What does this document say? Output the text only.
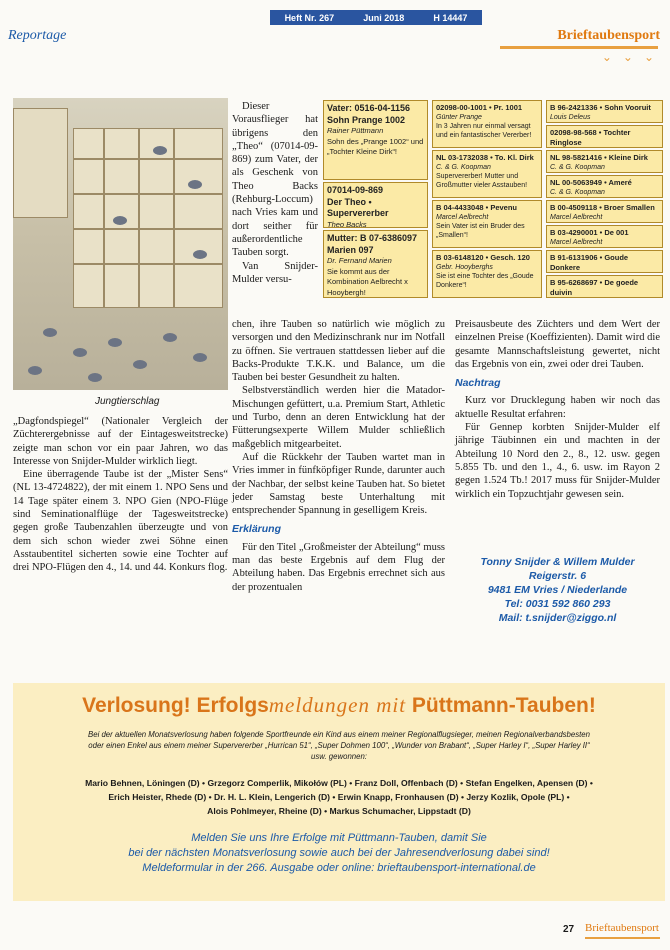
Heft Nr. 267	Juni 2018	H 14447
Reportage	Brieftaubensport
⌄ ⌄ ⌄
Jungtierschlag

„Dagfondspiegel“ (Nationaler Vergleich der Züchterergebnisse auf der Eintagesweitstrecke) zeigte man schon vor ein paar Jahren, wo das Interesse von Snijder-Mulder wirklich liegt.

Eine überragende Taube ist der „Mister Sens“ (NL 13-4724822), der mit einem 1. NPO Sens und 14 Tage später einem 3. NPO Gien (NPO-Flüge sind Seminationalflüge der Tagesweitstrecke) gegen große Taubenzahlen überzeugte und von dem sich schon wieder zwei Söhne einen Asstaubentitel sicherten sowie eine Tochter auf drei NPO-Flügen den 4., 14. und 44. Konkurs flog.

Dieser Vorausflieger hat übrigens den „Theo“ (07014-09-869) zum Vater, der als Geschenk von Theo Backs (Rehburg-Loccum) nach Vries kam und dort seither für außerordentliche Tauben sorgt.

Van Snijder-Mulder versu-

Vater: 0516-04-1156
Sohn Prange 1002
Rainer Püttmann
Sohn des „Prange 1002“ und „Tochter Kleine Dirk“!
07014-09-869
Der Theo • Supervererber
Theo Backs
Mutter: B 07-6386097
Marien 097
Dr. Fernand Marien
Sie kommt aus der Kombination Aelbrecht x Hooybergh!
02098-00-1001 • Pr. 1001
Günter Prange
In 3 Jahren nur einmal versagt und ein fantastischer Vererber!
NL 03-1732038 • To. Kl. Dirk
C. & G. Koopman
Supervererber! Mutter und Großmutter vieler Asstauben!
B 04-4433048 • Pevenu
Marcel Aelbrecht
Sein Vater ist ein Bruder des „Smallen“!
B 03-6148120 • Gesch. 120
Gebr. Hooyberghs
Sie ist eine Tochter des „Goude Donkere“!
B 96-2421336 • Sohn Vooruit
Louis Deleus
02098-98-568 • Tochter Ringlose

NL 98-5821416 • Kleine Dirk
C. & G. Koopman
NL 00-5063949 • Ameré
C. & G. Koopman
B 00-4509118 • Broer Smallen
Marcel Aelbrecht
B 03-4290001 • De 001
Marcel Aelbrecht
B 91-6131906 • Goude Donkere

B 95-6268697 • De goede duivin

chen, ihre Tauben so natürlich wie möglich zu versorgen und den Medizinschrank nur im Notfall zu öffnen. Sie vertrauen stattdessen lieber auf die Backs-Produkte T.K.K. und Balance, um die Tauben bei bester Gesundheit zu halten.

Selbstverständlich werden hier die Matador-Mischungen gefüttert, u.a. Premium Start, Athletic und Turbo, denn an deren Entwicklung hat der Fütterungsexperte Willem Mulder schließlich maßgeblich mitgearbeitet.

Auf die Rückkehr der Tauben wartet man in Vries immer in fünfköpfiger Runde, darunter auch der Nachbar, der selbst keine Tauben hat. So bietet jeder Samstag beste Unterhaltung mit entsprechender Spannung in geselligem Kreis.

Erklärung

Für den Titel „Großmeister der Abteilung“ muss man das beste Ergebnis auf dem Flug der Abteilung haben. Das Ergebnis errechnet sich aus der prozentualen

Preisausbeute des Züchters und dem Wert der einzelnen Preise (Koeffizienten). Damit wird die gesamte Mannschaftsleistung gewertet, nicht das Ergebnis von ein, zwei oder drei Tauben.

Nachtrag

Kurz vor Drucklegung haben wir noch das aktuelle Resultat erfahren:

Für Gennep korbten Snijder-Mulder elf jährige Täubinnen ein und machten in der Abteilung 10 Nord den 2., 8., 12. usw. gegen 5.855 Tb. und den 1., 4., 6. usw. im Rayon 2 gegen 1.524 Tb.! 2017 muss für Snijder-Mulder wirklich ein Topzuchtjahr gewesen sein.

Tonny Snijder & Willem Mulder
Reigerstr. 6
9481 EM Vries / Niederlande
Tel: 0031 592 860 293
Mail: t.snijder@ziggo.nl
Verlosung! Erfolgsmeldungen mit Püttmann-Tauben!
Bei der aktuellen Monatsverlosung haben folgende Sportfreunde ein Kind aus einem meiner Regionalflugsieger, meinen Regionalverbandsbesten
oder einen Enkel aus einem meiner Supervererber „Hurrican 51“, „Super Dohmen 100“, „Wunder von Brabant“, „Super Harley I“, „Super Harley II“
usw. gewonnen:
Mario Behnen, Löningen (D) • Grzegorz Comperlik, Mikołów (PL) • Franz Doll, Offenbach (D) • Stefan Engelken, Apensen (D) •
Erich Heister, Rhede (D) • Dr. H. L. Klein, Lengerich (D) • Erwin Knapp, Fronhausen (D) • Jerzy Kozlik, Opole (PL) •
Alois Pohlmeyer, Rheine (D) • Markus Schumacher, Lippstadt (D)
Melden Sie uns Ihre Erfolge mit Püttmann-Tauben, damit Sie
bei der nächsten Monatsverlosung sowie auch bei der Jahresendverlosung dabei sind!
Meldeformular in der 266. Ausgabe oder online: brieftaubensport-international.de
27 Brieftaubensport
